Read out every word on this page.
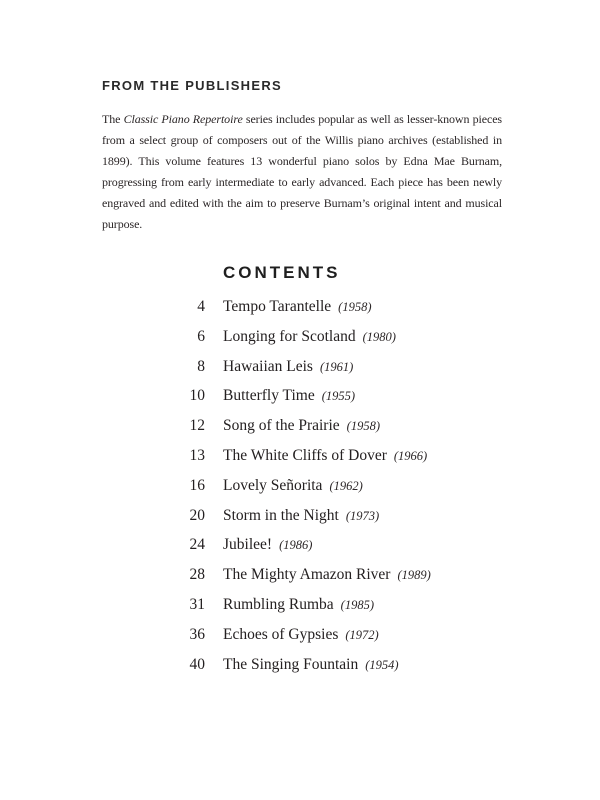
FROM THE PUBLISHERS

The Classic Piano Repertoire series includes popular as well as lesser-known pieces from a select group of composers out of the Willis piano archives (established in 1899). This volume features 13 wonderful piano solos by Edna Mae Burnam, progressing from early intermediate to early advanced. Each piece has been newly engraved and edited with the aim to preserve Burnam’s original intent and musical purpose.

CONTENTS
4 Tempo Tarantelle (1958)
6 Longing for Scotland (1980)
8 Hawaiian Leis (1961)
10 Butterfly Time (1955)
12 Song of the Prairie (1958)
13 The White Cliffs of Dover (1966)
16 Lovely Señorita (1962)
20 Storm in the Night (1973)
24 Jubilee! (1986)
28 The Mighty Amazon River (1989)
31 Rumbling Rumba (1985)
36 Echoes of Gypsies (1972)
40 The Singing Fountain (1954)
